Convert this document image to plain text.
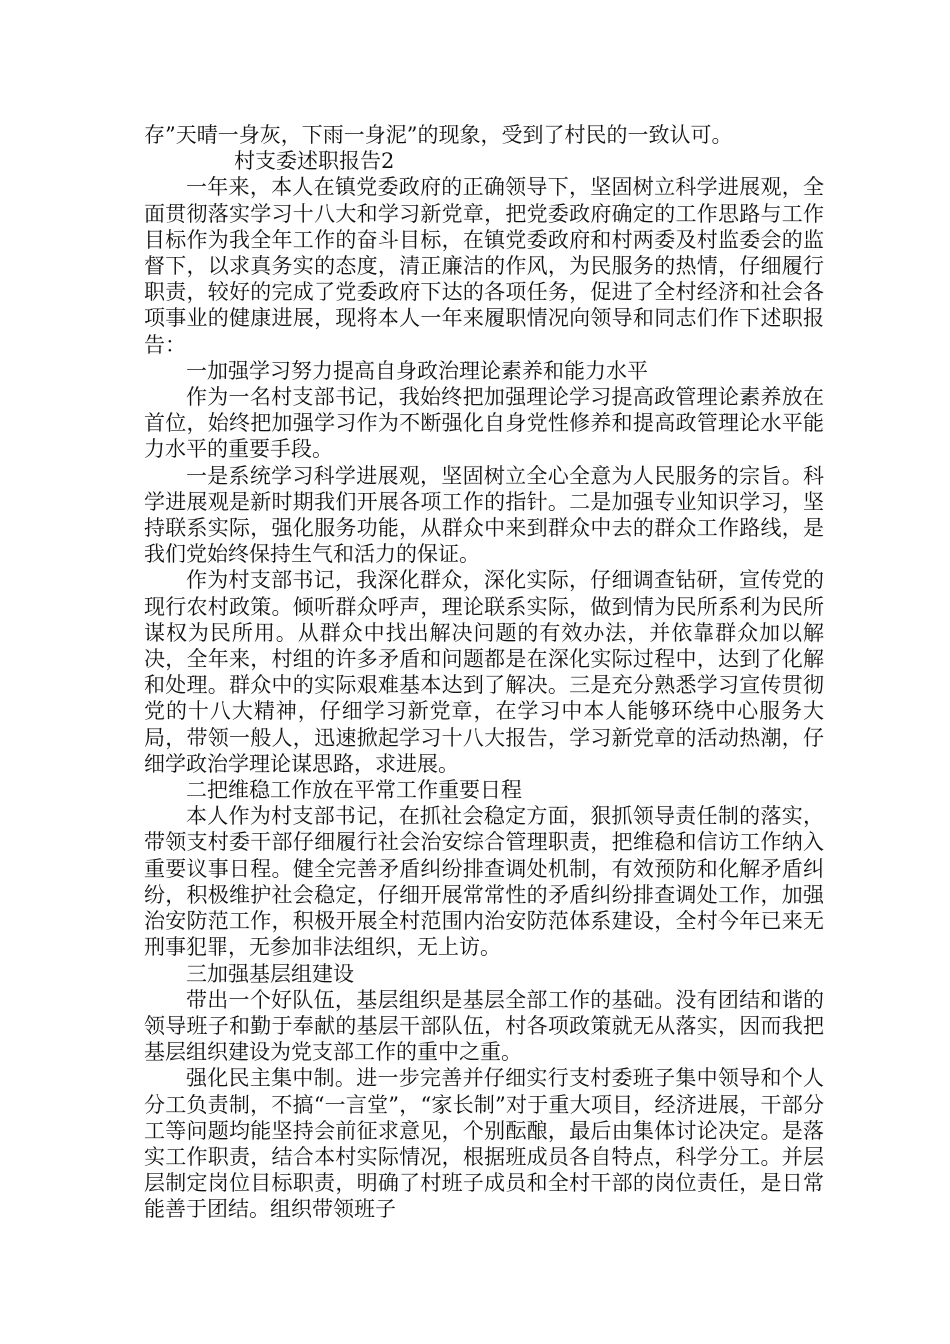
存”天晴一身灰，下雨一身泥”的现象，受到了村民的一致认可。

村支委述职报告2

一年来，本人在镇党委政府的正确领导下，坚固树立科学进展观，全面贯彻落实学习十八大和学习新党章，把党委政府确定的工作思路与工作目标作为我全年工作的奋斗目标，在镇党委政府和村两委及村监委会的监督下，以求真务实的态度，清正廉洁的作风，为民服务的热情，仔细履行职责，较好的完成了党委政府下达的各项任务，促进了全村经济和社会各项事业的健康进展，现将本人一年来履职情况向领导和同志们作下述职报告：

一加强学习努力提高自身政治理论素养和能力水平

作为一名村支部书记，我始终把加强理论学习提高政管理论素养放在首位，始终把加强学习作为不断强化自身党性修养和提高政管理论水平能力水平的重要手段。

一是系统学习科学进展观，坚固树立全心全意为人民服务的宗旨。科学进展观是新时期我们开展各项工作的指针。二是加强专业知识学习，坚持联系实际，强化服务功能，从群众中来到群众中去的群众工作路线，是我们党始终保持生气和活力的保证。

作为村支部书记，我深化群众，深化实际，仔细调查钻研，宣传党的现行农村政策。倾听群众呼声，理论联系实际，做到情为民所系利为民所谋权为民所用。从群众中找出解决问题的有效办法，并依靠群众加以解决，全年来，村组的许多矛盾和问题都是在深化实际过程中，达到了化解和处理。群众中的实际艰难基本达到了解决。三是充分熟悉学习宣传贯彻党的十八大精神，仔细学习新党章，在学习中本人能够环绕中心服务大局，带领一般人，迅速掀起学习十八大报告，学习新党章的活动热潮，仔细学政治学理论谋思路，求进展。

二把维稳工作放在平常工作重要日程

本人作为村支部书记，在抓社会稳定方面，狠抓领导责任制的落实，带领支村委干部仔细履行社会治安综合管理职责，把维稳和信访工作纳入重要议事日程。健全完善矛盾纠纷排查调处机制，有效预防和化解矛盾纠纷，积极维护社会稳定，仔细开展常常性的矛盾纠纷排查调处工作，加强治安防范工作，积极开展全村范围内治安防范体系建设，全村今年已来无刑事犯罪，无参加非法组织，无上访。

三加强基层组建设

带出一个好队伍，基层组织是基层全部工作的基础。没有团结和谐的领导班子和勤于奉献的基层干部队伍，村各项政策就无从落实，因而我把基层组织建设为党支部工作的重中之重。

强化民主集中制。进一步完善并仔细实行支村委班子集中领导和个人分工负责制，不搞“一言堂”，“家长制”对于重大项目，经济进展，干部分工等问题均能坚持会前征求意见，个别酝酿，最后由集体讨论决定。是落实工作职责，结合本村实际情况，根据班成员各自特点，科学分工。并层层制定岗位目标职责，明确了村班子成员和全村干部的岗位责任，是日常能善于团结。组织带领班子
